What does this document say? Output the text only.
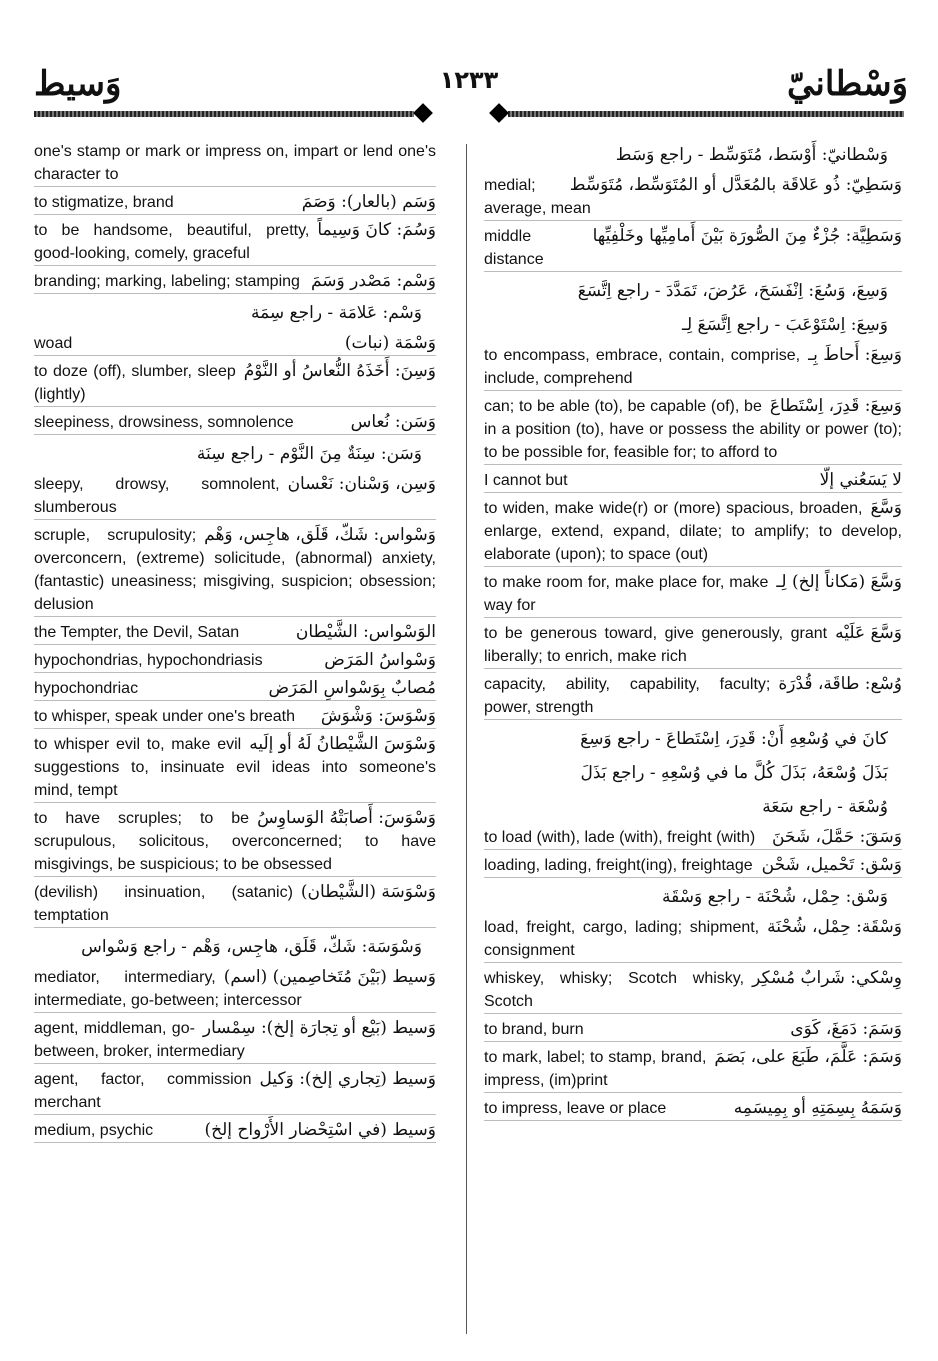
وَسيط	١٢٣٣	وَسْطانيّ
one's stamp or mark or impress on, impart or lend one's character to
وَسَم (بالعار): وَصَمَ
to stigmatize, brand
وَسُمَ: كانَ وَسِيماً
to be handsome, beautiful, pretty, good-looking, comely, graceful
وَسْم: مَصْدر وَسَمَ
branding; marking, labeling; stamping
وَسْم: عَلامَة - راجع سِمَة
وَسْمَة (نبات)
woad
وَسِنَ: أَخَذَهُ النُّعاسُ أو النَّوْمُ
to doze (off), slumber, sleep (lightly)
وَسَن: نُعاس
sleepiness, drowsiness, somnolence
وَسَن: سِنَةٌ مِنَ النَّوْم - راجع سِنَة
وَسِن، وَسْنان: نَعْسان
sleepy, drowsy, somnolent, slumberous
وَسْواس: شَكّ، قَلَق، هاجِس، وَهْم
scruple, scrupulosity; overconcern, (extreme) solicitude, (abnormal) anxiety, (fantastic) uneasiness; misgiving, suspicion; obsession; delusion
الوَسْواس: الشَّيْطان
the Tempter, the Devil, Satan
وَسْواسُ المَرَض
hypochondrias, hypochondriasis
مُصابٌ بِوَسْواسِ المَرَض
hypochondriac
وَسْوَسَ: وَشْوَشَ
to whisper, speak under one's breath
وَسْوَسَ الشَّيْطانُ لَهُ أو إلَيه
to whisper evil to, make evil suggestions to, insinuate evil ideas into someone's mind, tempt
وَسْوَسَ: أَصابَتْهُ الوَساوِسُ
to have scruples; to be scrupulous, solicitous, overconcerned; to have misgivings, be suspicious; to be obsessed
وَسْوَسَة (الشَّيْطان)
(devilish) insinuation, (satanic) temptation
وَسْوَسَة: شَكّ، قَلَق، هاجِس، وَهْم - راجع وَسْواس
وَسيط (بَيْنَ مُتَخاصِمين) (اسم)
mediator, intermediary, intermediate, go-between; intercessor
وَسيط (بَيْع أو تِجارَة إلخ): سِمْسار
agent, middleman, go-between, broker, intermediary
وَسيط (تِجاري إلخ): وَكيل
agent, factor, commission merchant
وَسيط (في اسْتِحْضار الأَرْواح إلخ)
medium, psychic
وَسْطانيّ: أَوْسَط، مُتَوَسِّط - راجع وَسَط
وَسَطِيّ: ذُو عَلاقَة بالمُعَدَّل أو المُتَوَسِّط، مُتَوَسِّط
medial; average, mean
وَسَطِيَّة: جُزْءٌ مِنَ الصُّورَة بَيْنَ أَمامِيِّها وخَلْفِيِّها
middle distance
وَسِعَ، وَسُعَ: اِنْفَسَحَ، عَرُضَ، تَمَدَّدَ - راجع اِتَّسَعَ
وَسِعَ: اِسْتَوْعَبَ - راجع اِتَّسَعَ لِـ
وَسِعَ: أَحاطَ بِـ
to encompass, embrace, contain, comprise, include, comprehend
وَسِعَ: قَدِرَ، اِسْتَطاعَ
can; to be able (to), be capable (of), be in a position (to), have or possess the ability or power (to); to be possible for, feasible for; to afford to
لا يَسَعُني إلّا
I cannot but
وَسَّعَ
to widen, make wide(r) or (more) spacious, broaden, enlarge, extend, expand, dilate; to amplify; to develop, elaborate (upon); to space (out)
وَسَّعَ (مَكاناً إلخ) لِـ
to make room for, make place for, make way for
وَسَّعَ عَلَيْه
to be generous toward, give generously, grant liberally; to enrich, make rich
وُسْع: طاقَة، قُدْرَة
capacity, ability, capability, faculty; power, strength
كانَ في وُسْعِهِ أَنْ: قَدِرَ، اِسْتَطاعَ - راجع وَسِعَ
بَذَلَ وُسْعَهُ، بَذَلَ كُلَّ ما في وُسْعِهِ - راجع بَذَلَ
وُسْعَة - راجع سَعَة
وَسَقَ: حَمَّلَ، شَحَنَ
to load (with), lade (with), freight (with)
وَسْق: تَحْميل، شَحْن
loading, lading, freight(ing), freightage
وَسْق: حِمْل، شُحْنَة - راجع وَسْقَة
وَسْقَة: حِمْل، شُحْنَة
load, freight, cargo, lading; shipment, consignment
وِسْكي: شَرابٌ مُسْكِر
whiskey, whisky; Scotch whisky, Scotch
وَسَمَ: دَمَغَ، كَوَى
to brand, burn
وَسَمَ: عَلَّمَ، طَبَعَ على، بَصَمَ
to mark, label; to stamp, brand, impress, (im)print
وَسَمَهُ بِسِمَتِهِ أو بِمِيسَمِه
to impress, leave or place
